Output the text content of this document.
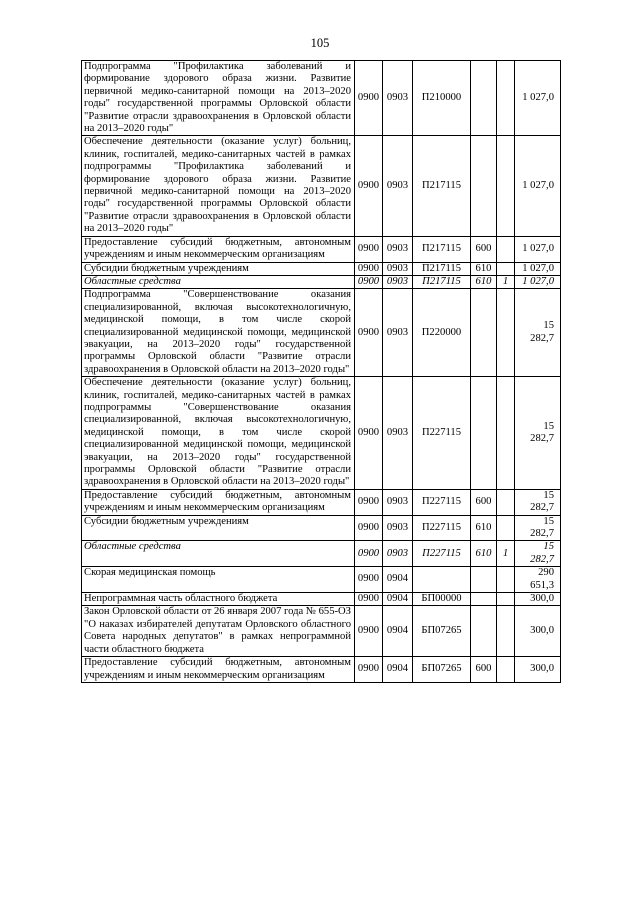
105
Подпрограмма "Профилактика заболеваний и формирование здорового образа жизни. Развитие первичной медико-санитарной помощи на 2013–2020 годы" государственной программы Орловской области "Развитие отрасли здравоохранения в Орловской области на 2013–2020 годы"	0900	0903	П210000			1 027,0
Обеспечение деятельности (оказание услуг) больниц, клиник, госпиталей, медико-санитарных частей в рамках подпрограммы "Профилактика заболеваний и формирование здорового образа жизни. Развитие первичной медико-санитарной помощи на 2013–2020 годы" государственной программы Орловской области "Развитие отрасли здравоохранения в Орловской области на 2013–2020 годы"	0900	0903	П217115			1 027,0
Предоставление субсидий бюджетным, автономным учреждениям и иным некоммерческим организациям	0900	0903	П217115	600		1 027,0
Субсидии бюджетным учреждениям	0900	0903	П217115	610		1 027,0
Областные средства	0900	0903	П217115	610	1	1 027,0
Подпрограмма "Совершенствование оказания специализированной, включая высокотехнологичную, медицинской помощи, в том числе скорой специализированной медицинской помощи, медицинской эвакуации, на 2013–2020 годы" государственной программы Орловской области "Развитие отрасли здравоохранения в Орловской области на 2013–2020 годы"	0900	0903	П220000			15 282,7
Обеспечение деятельности (оказание услуг) больниц, клиник, госпиталей, медико-санитарных частей в рамках подпрограммы "Совершенствование оказания специализированной, включая высокотехнологичную, медицинской помощи, в том числе скорой специализированной медицинской помощи, медицинской эвакуации, на 2013–2020 годы" государственной программы Орловской области "Развитие отрасли здравоохранения в Орловской области на 2013–2020 годы"	0900	0903	П227115			15 282,7
Предоставление субсидий бюджетным, автономным учреждениям и иным некоммерческим организациям	0900	0903	П227115	600		15 282,7
Субсидии бюджетным учреждениям	0900	0903	П227115	610		15 282,7
Областные средства	0900	0903	П227115	610	1	15 282,7
Скорая медицинская помощь	0900	0904				290 651,3
Непрограммная часть областного бюджета	0900	0904	БП00000			300,0
Закон Орловской области от 26 января 2007 года № 655-ОЗ "О наказах избирателей депутатам Орловского областного Совета народных депутатов" в рамках непрограммной части областного бюджета	0900	0904	БП07265			300,0
Предоставление субсидий бюджетным, автономным учреждениям и иным некоммерческим организациям	0900	0904	БП07265	600		300,0
